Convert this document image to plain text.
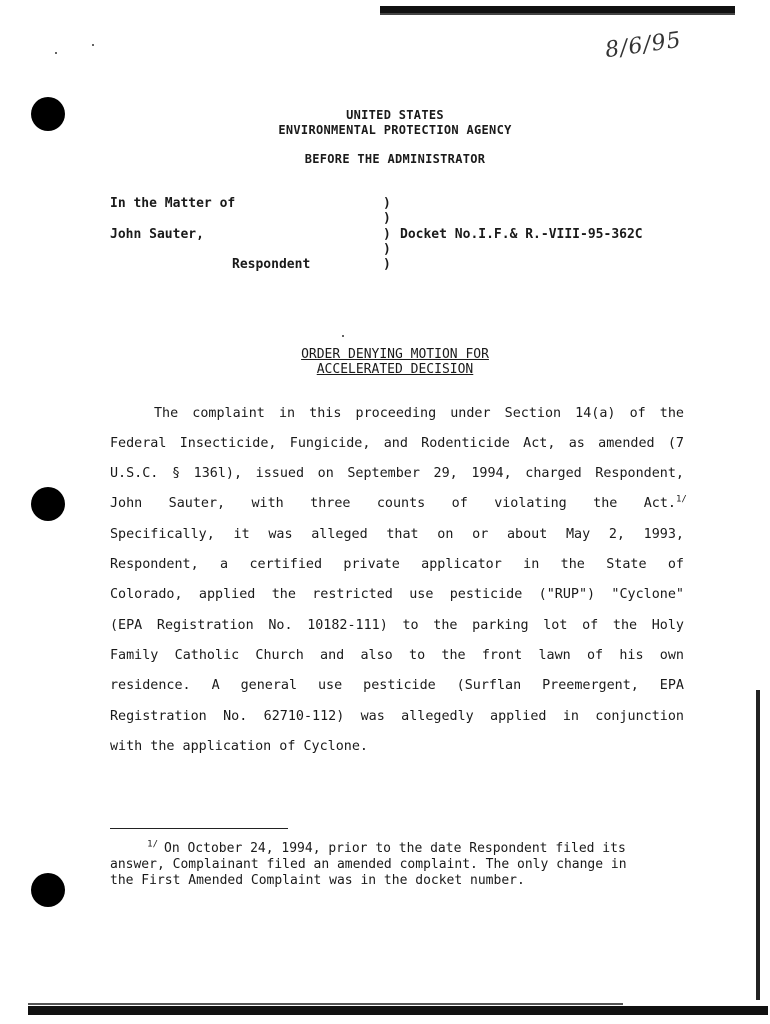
8/6/95
UNITED STATES
ENVIRONMENTAL PROTECTION AGENCY
BEFORE THE ADMINISTRATOR
In the Matter of
John Sauter,
Respondent
Docket No.I.F.& R.-VIII-95-362C
)
)
)
)
)
ORDER DENYING MOTION FOR
ACCELERATED DECISION
The complaint in this proceeding under Section 14(a) of the
Federal Insecticide, Fungicide, and Rodenticide Act, as amended (7
U.S.C. § 136l), issued on September 29, 1994, charged Respondent,
John Sauter, with three counts of violating the Act.$^{1/}$
Specifically, it was alleged that on or about May 2, 1993,
Respondent, a certified private applicator in the State of
Colorado, applied the restricted use pesticide ("RUP") "Cyclone"
(EPA Registration No. 10182-111) to the parking lot of the Holy
Family Catholic Church and also to the front lawn of his own
residence. A general use pesticide (Surflan Preemergent, EPA
Registration No. 62710-112) was allegedly applied in conjunction
with the application of Cyclone.
$^{1/}$ On October 24, 1994, prior to the date Respondent filed its
answer, Complainant filed an amended complaint. The only change in
the First Amended Complaint was in the docket number.
